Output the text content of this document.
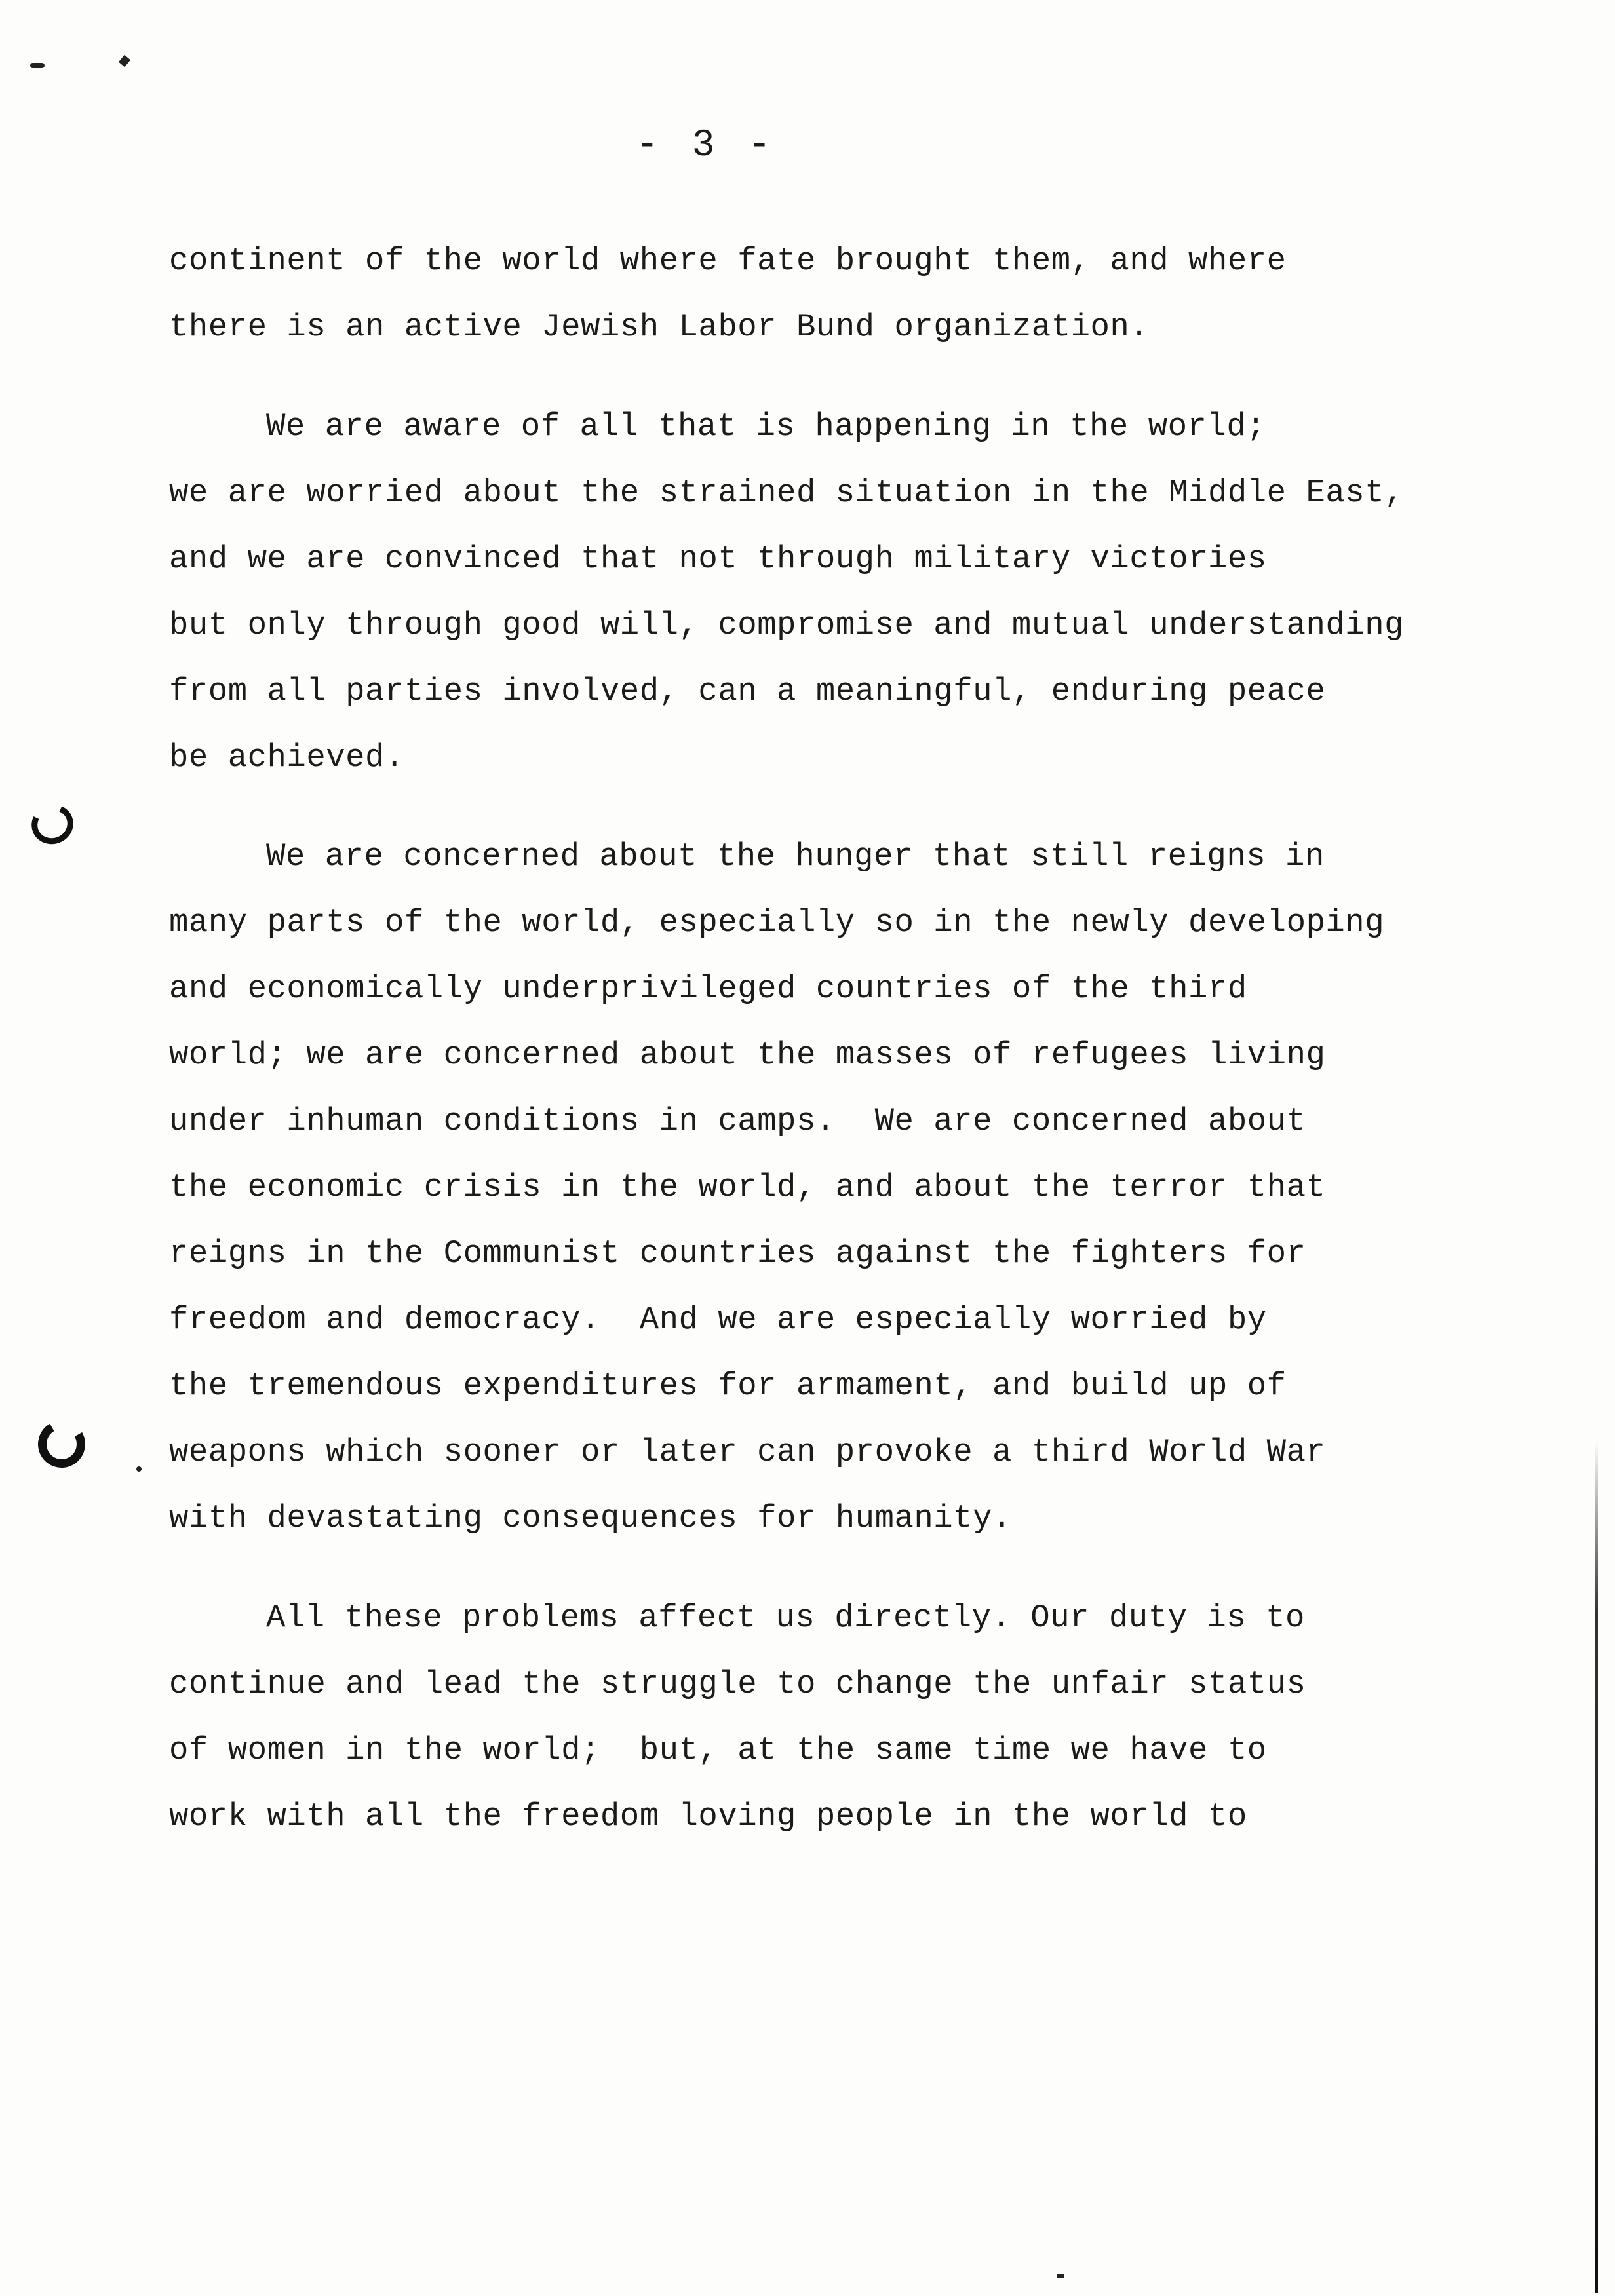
- 3 -
continent of the world where fate brought them, and where
there is an active Jewish Labor Bund organization.
We are aware of all that is happening in the world;
we are worried about the strained situation in the Middle East,
and we are convinced that not through military victories
but only through good will, compromise and mutual understanding
from all parties involved, can a meaningful, enduring peace
be achieved.
We are concerned about the hunger that still reigns in
many parts of the world, especially so in the newly developing
and economically underprivileged countries of the third
world; we are concerned about the masses of refugees living
under inhuman conditions in camps.  We are concerned about
the economic crisis in the world, and about the terror that
reigns in the Communist countries against the fighters for
freedom and democracy.  And we are especially worried by
the tremendous expenditures for armament, and build up of
weapons which sooner or later can provoke a third World War
with devastating consequences for humanity.
All these problems affect us directly. Our duty is to
continue and lead the struggle to change the unfair status
of women in the world;  but, at the same time we have to
work with all the freedom loving people in the world to
